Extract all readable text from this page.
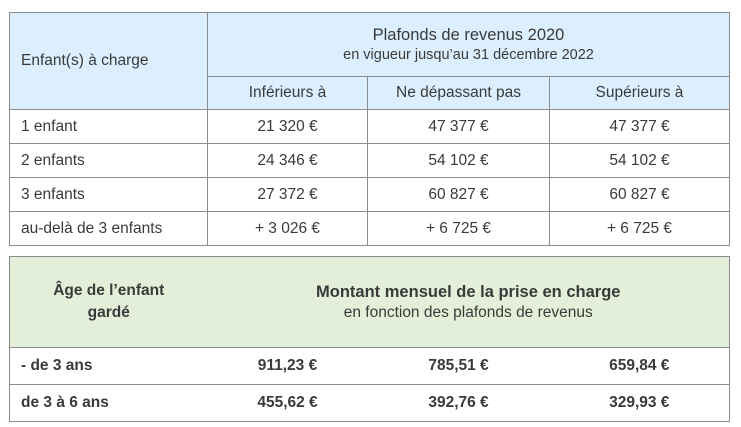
Enfant(s) à charge	Plafonds de revenus 2020
en vigueur jusqu’au 31 décembre 2022		

	Inférieurs à	Ne dépassant pas	Supérieurs à
1 enfant	21 320 €	47 377 €	47 377 €
2 enfants	24 346 €	54 102 €	54 102 €
3 enfants	27 372 €	60 827 €	60 827 €
au-delà de 3 enfants	+ 3 026 €	+ 6 725 €	+ 6 725 €
Âge de l’enfant
gardé	Montant mensuel de la prise en charge
en fonction des plafonds de revenus		

- de 3 ans	911,23 €	785,51 €	659,84 €
de 3 à 6 ans	455,62 €	392,76 €	329,93 €
